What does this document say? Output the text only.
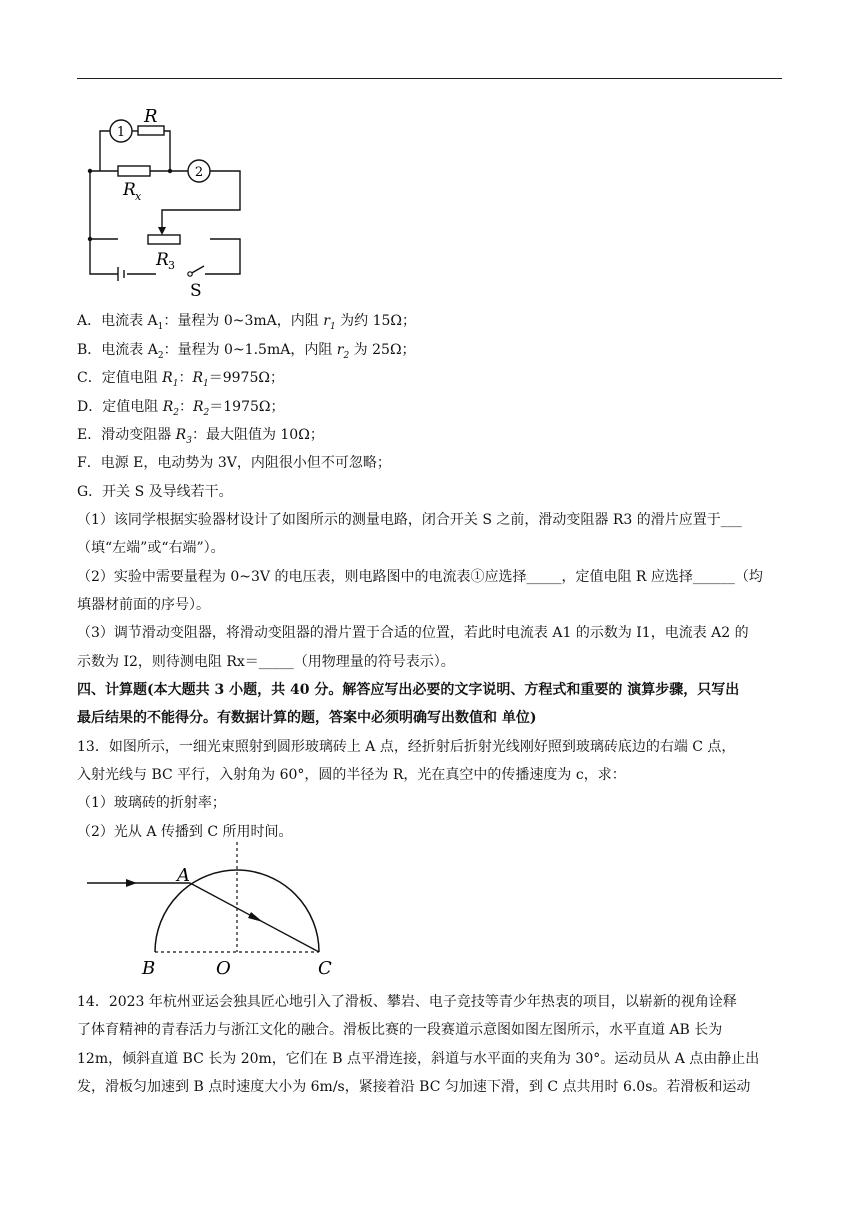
1
2
R
R x
R 3
S
A．电流表 $A_1$：量程为 0~3mA，内阻 $r_1$ 为约 15Ω；
B．电流表 $A_2$：量程为 0~1.5mA，内阻 $r_2$ 为 25Ω；
C．定值电阻 $R_1$：$R_1=9975\Omega$；
D．定值电阻 $R_2$：$R_2=1975\Omega$；
E．滑动变阻器 $R_3$：最大阻值为 10Ω；
F．电源 E，电动势为 3V，内阻很小但不可忽略；
G．开关 S 及导线若干。
（1）该同学根据实验器材设计了如图所示的测量电路，闭合开关 S 之前，滑动变阻器 R3 的滑片应置于___
（填“左端”或“右端”）。
（2）实验中需要量程为 0~3V 的电压表，则电路图中的电流表①应选择_____，定值电阻 R 应选择______（均
填器材前面的序号）。
（3）调节滑动变阻器，将滑动变阻器的滑片置于合适的位置，若此时电流表 A1 的示数为 I1，电流表 A2 的
示数为 I2，则待测电阻 Rx＝_____（用物理量的符号表示）。
四、计算题(本大题共 3 小题，共 40 分。解答应写出必要的文字说明、方程式和重要的 演算步骤，只写出
最后结果的不能得分。有数据计算的题，答案中必须明确写出数值和 单位)
13．如图所示，一细光束照射到圆形玻璃砖上 A 点，经折射后折射光线刚好照到玻璃砖底边的右端 C 点，
入射光线与 BC 平行，入射角为 60°，圆的半径为 R，光在真空中的传播速度为 c，求：
（1）玻璃砖的折射率；
（2）光从 A 传播到 C 所用时间。
A
B	O	C
14．2023 年杭州亚运会独具匠心地引入了滑板、攀岩、电子竞技等青少年热衷的项目，以崭新的视角诠释
了体育精神的青春活力与浙江文化的融合。滑板比赛的一段赛道示意图如图左图所示，水平直道 AB 长为
12m，倾斜直道 BC 长为 20m，它们在 B 点平滑连接，斜道与水平面的夹角为 30°。运动员从 A 点由静止出
发，滑板匀加速到 B 点时速度大小为 6m/s，紧接着沿 BC 匀加速下滑，到 C 点共用时 6.0s。若滑板和运动
